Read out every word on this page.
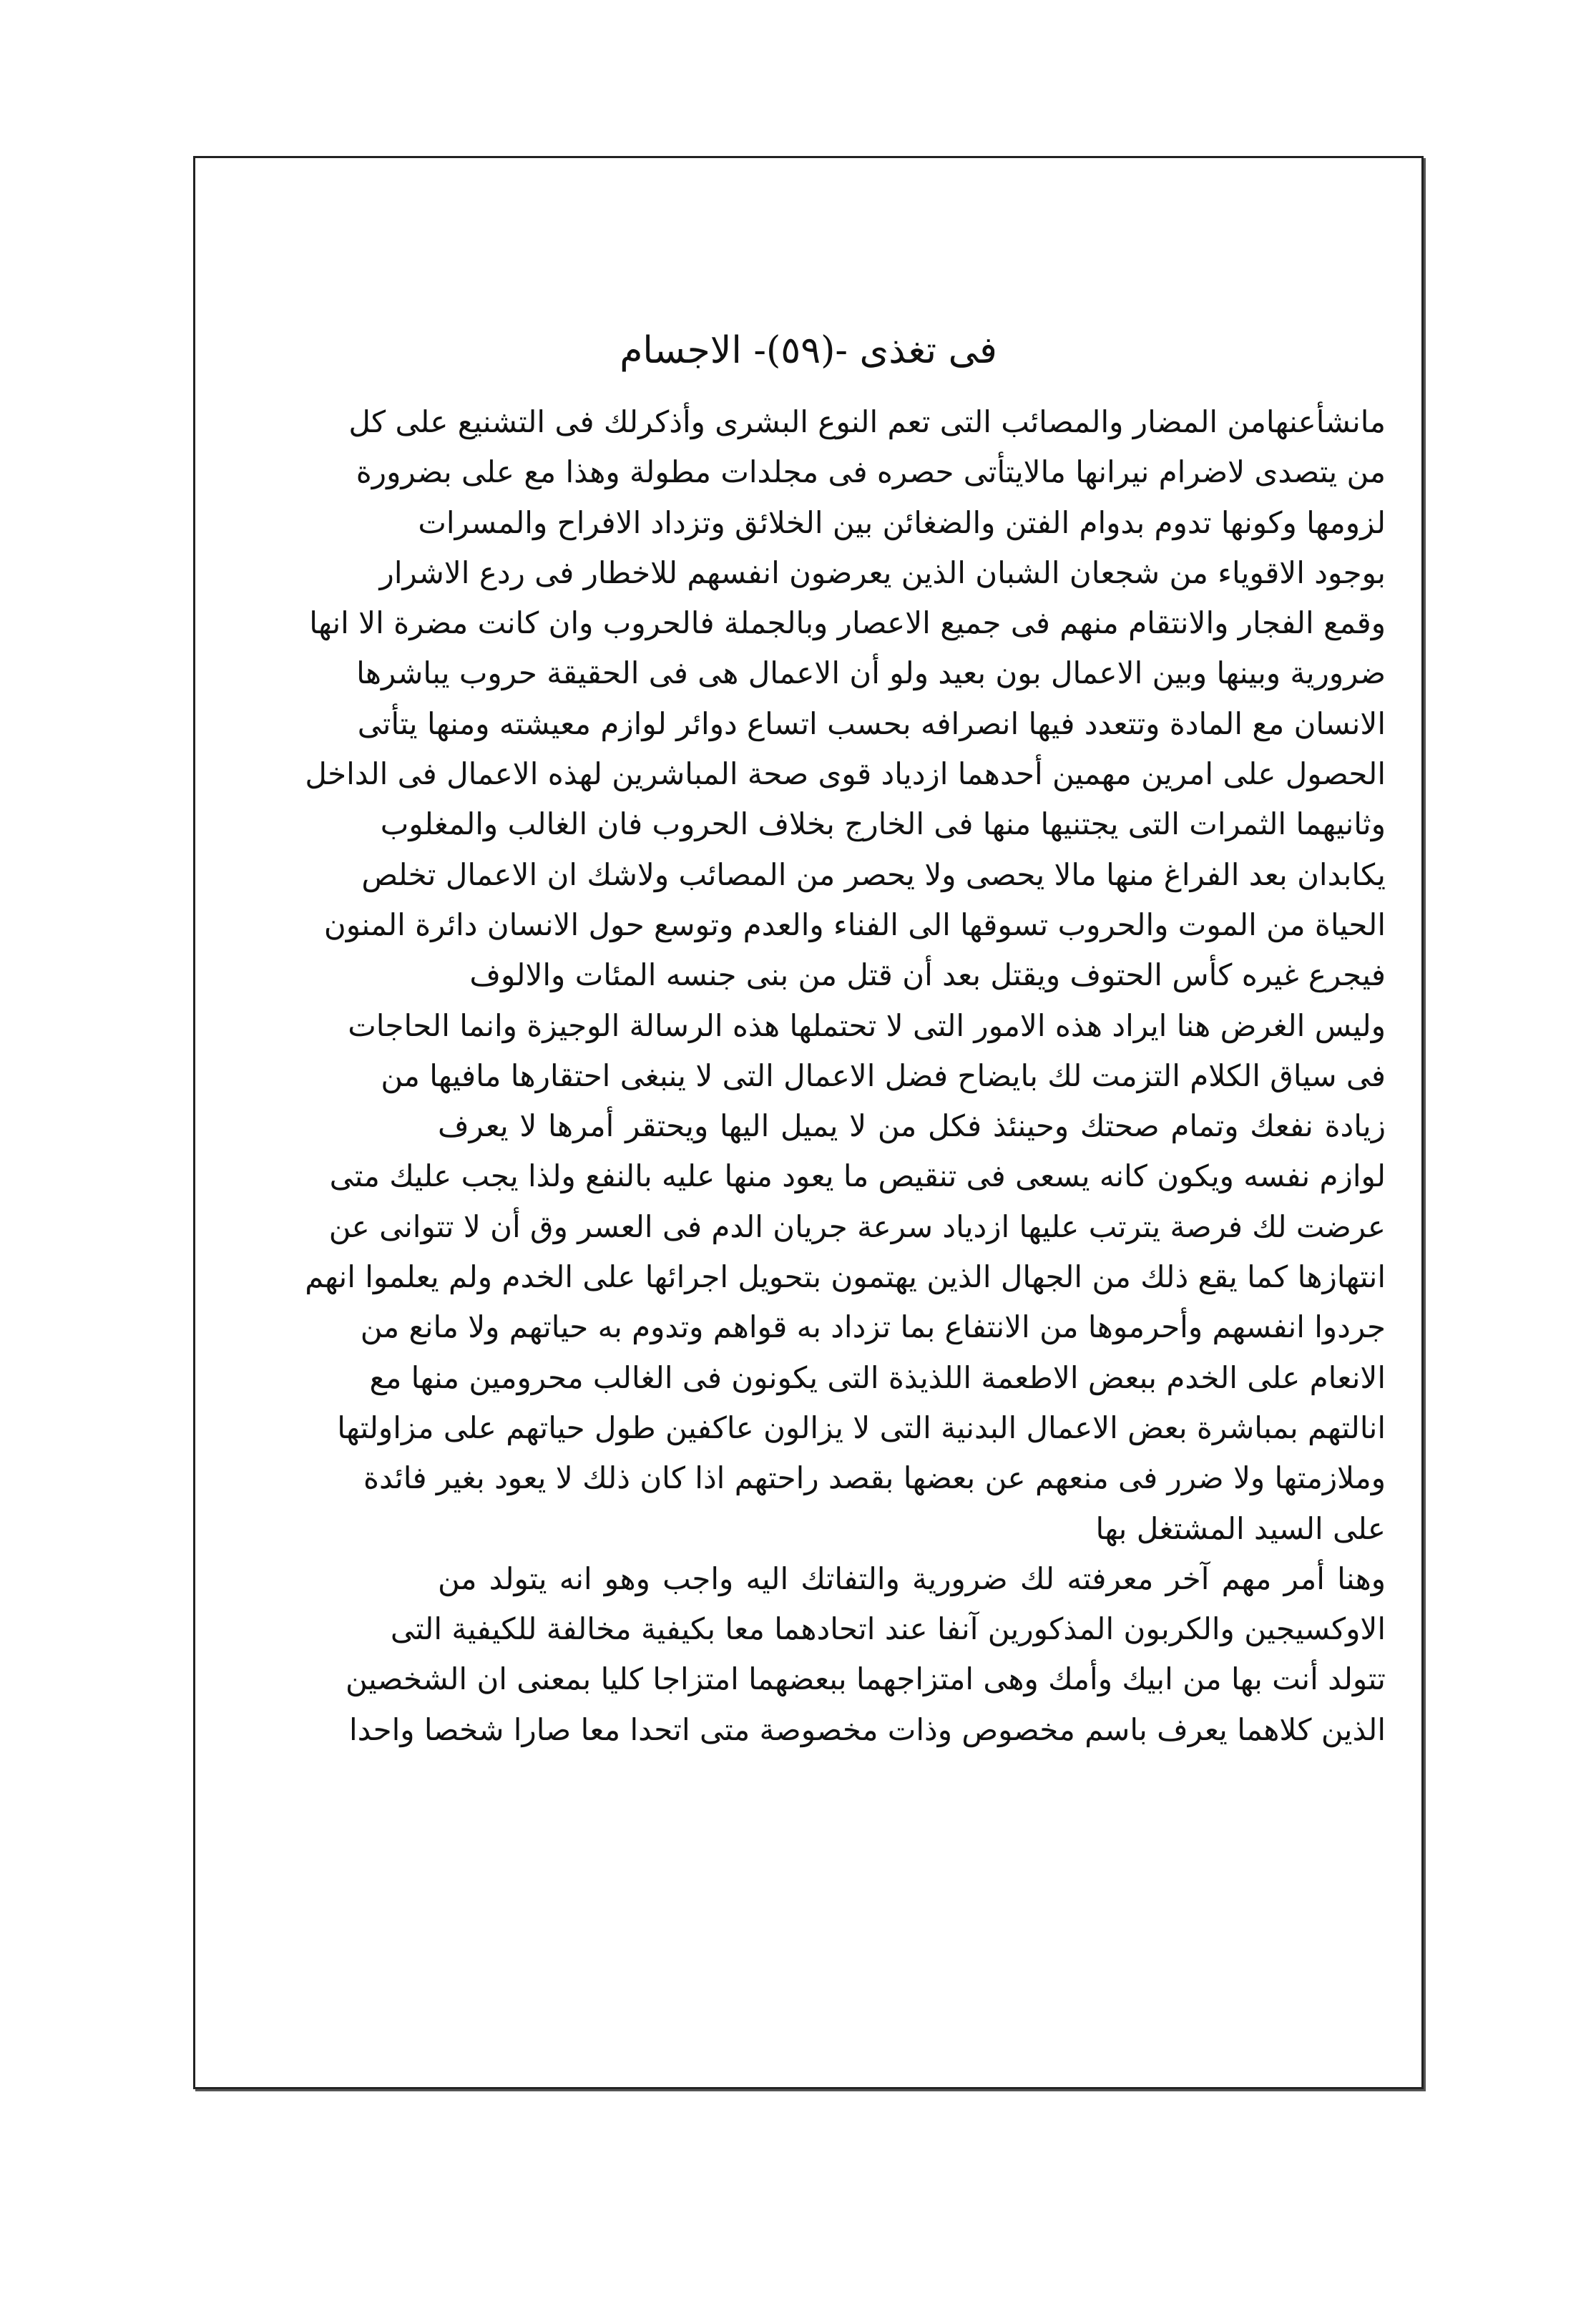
فى تغذى -(٥٩)- الاجسام
مانشأعنهامن المضار والمصائب التى تعم النوع البشرى وأذكرلك فى التشنيع على كل
من يتصدى لاضرام نيرانها مالايتأتى حصره فى مجلدات مطولة وهذا مع على بضرورة
لزومها وكونها تدوم بدوام الفتن والضغائن بين الخلائق وتزداد الافراح والمسرات
بوجود الاقوياء من شجعان الشبان الذين يعرضون انفسهم للاخطار فى ردع الاشرار
وقمع الفجار والانتقام منهم فى جميع الاعصار وبالجملة فالحروب وان كانت مضرة الا انها
ضرورية وبينها وبين الاعمال بون بعيد ولو أن الاعمال هى فى الحقيقة حروب يباشرها
الانسان مع المادة وتتعدد فيها انصرافه بحسب اتساع دوائر لوازم معيشته ومنها يتأتى
الحصول على امرين مهمين أحدهما ازدياد قوى صحة المباشرين لهذه الاعمال فى الداخل
وثانيهما الثمرات التى يجتنيها منها فى الخارج بخلاف الحروب فان الغالب والمغلوب
يكابدان بعد الفراغ منها مالا يحصى ولا يحصر من المصائب ولاشك ان الاعمال تخلص
الحياة من الموت والحروب تسوقها الى الفناء والعدم وتوسع حول الانسان دائرة المنون
فيجرع غيره كأس الحتوف ويقتل بعد أن قتل من بنى جنسه المئات والالوف
وليس الغرض هنا ايراد هذه الامور التى لا تحتملها هذه الرسالة الوجيزة وانما الحاجات
فى سياق الكلام التزمت لك بايضاح فضل الاعمال التى لا ينبغى احتقارها مافيها من
زيادة نفعك وتمام صحتك وحينئذ فكل من لا يميل اليها ويحتقر أمرها لا يعرف
لوازم نفسه ويكون كانه يسعى فى تنقيص ما يعود منها عليه بالنفع ولذا يجب عليك متى
عرضت لك فرصة يترتب عليها ازدياد سرعة جريان الدم فى العسر وق أن لا تتوانى عن
انتهازها كما يقع ذلك من الجهال الذين يهتمون بتحويل اجرائها على الخدم ولم يعلموا انهم
جردوا انفسهم وأحرموها من الانتفاع بما تزداد به قواهم وتدوم به حياتهم ولا مانع من
الانعام على الخدم ببعض الاطعمة اللذيذة التى يكونون فى الغالب محرومين منها مع
انالتهم بمباشرة بعض الاعمال البدنية التى لا يزالون عاكفين طول حياتهم على مزاولتها
وملازمتها ولا ضرر فى منعهم عن بعضها بقصد راحتهم اذا كان ذلك لا يعود بغير فائدة
على السيد المشتغل بها
وهنا أمر مهم آخر معرفته لك ضرورية والتفاتك اليه واجب وهو انه يتولد من
الاوكسيجين والكربون المذكورين آنفا عند اتحادهما معا بكيفية مخالفة للكيفية التى
تتولد أنت بها من ابيك وأمك وهى امتزاجهما ببعضهما امتزاجا كليا بمعنى ان الشخصين
الذين كلاهما يعرف باسم مخصوص وذات مخصوصة متى اتحدا معا صارا شخصا واحدا
